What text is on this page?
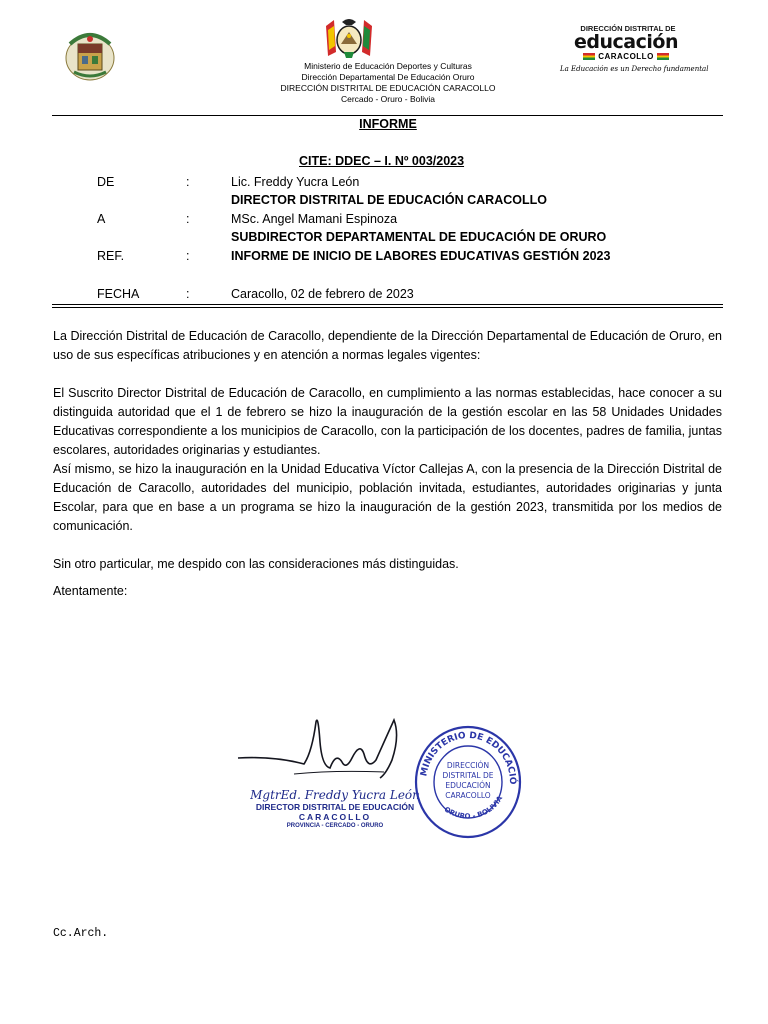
Ministerio de Educación Deportes y Culturas
Dirección Departamental De Educación Oruro
DIRECCIÓN DISTRITAL DE EDUCACIÓN CARACOLLO
Cercado - Oruro - Bolivia
DIRECCIÓN DISTRITAL DE
educación
CARACOLLO
La Educación es un Derecho fundamental
INFORME
CITE: DDEC – I. Nº 003/2023
DE	:	Lic. Freddy Yucra León
DIRECTOR DISTRITAL DE EDUCACIÓN CARACOLLO
A	:	MSc. Angel Mamani Espinoza
SUBDIRECTOR DEPARTAMENTAL DE EDUCACIÓN DE ORURO
REF.	:	INFORME DE INICIO DE LABORES EDUCATIVAS GESTIÓN 2023
FECHA	:	Caracollo, 02 de febrero de 2023
La Dirección Distrital de Educación de Caracollo, dependiente de la Dirección Departamental de Educación de Oruro, en uso de sus específicas atribuciones y en atención a normas legales vigentes:
El Suscrito Director Distrital de Educación de Caracollo, en cumplimiento a las normas establecidas, hace conocer a su distinguida autoridad que el 1 de febrero se hizo la inauguración de la gestión escolar en las 58 Unidades Unidades Educativas correspondiente a los municipios de Caracollo, con la participación de los docentes, padres de familia, juntas escolares, autoridades originarias y estudiantes.
Así mismo, se hizo la inauguración en la Unidad Educativa Víctor Callejas A, con la presencia de la Dirección Distrital de Educación de Caracollo, autoridades del municipio, población invitada, estudiantes, autoridades originarias y junta Escolar, para que en base a un programa se hizo la inauguración de la gestión 2023, transmitida por los medios de comunicación.
Sin otro particular, me despido con las consideraciones más distinguidas.
Atentamente:
MgtrEd. Freddy Yucra León
DIRECTOR DISTRITAL DE EDUCACIÓN
CARACOLLO
PROVINCIA - CERCADO - ORURO
MINISTERIO DE EDUCACIÓ
ORURO - BOLIVIA
DIRECCIÓN
DISTRITAL DE
EDUCACIÓN
CARACOLLO
Cc.Arch.
